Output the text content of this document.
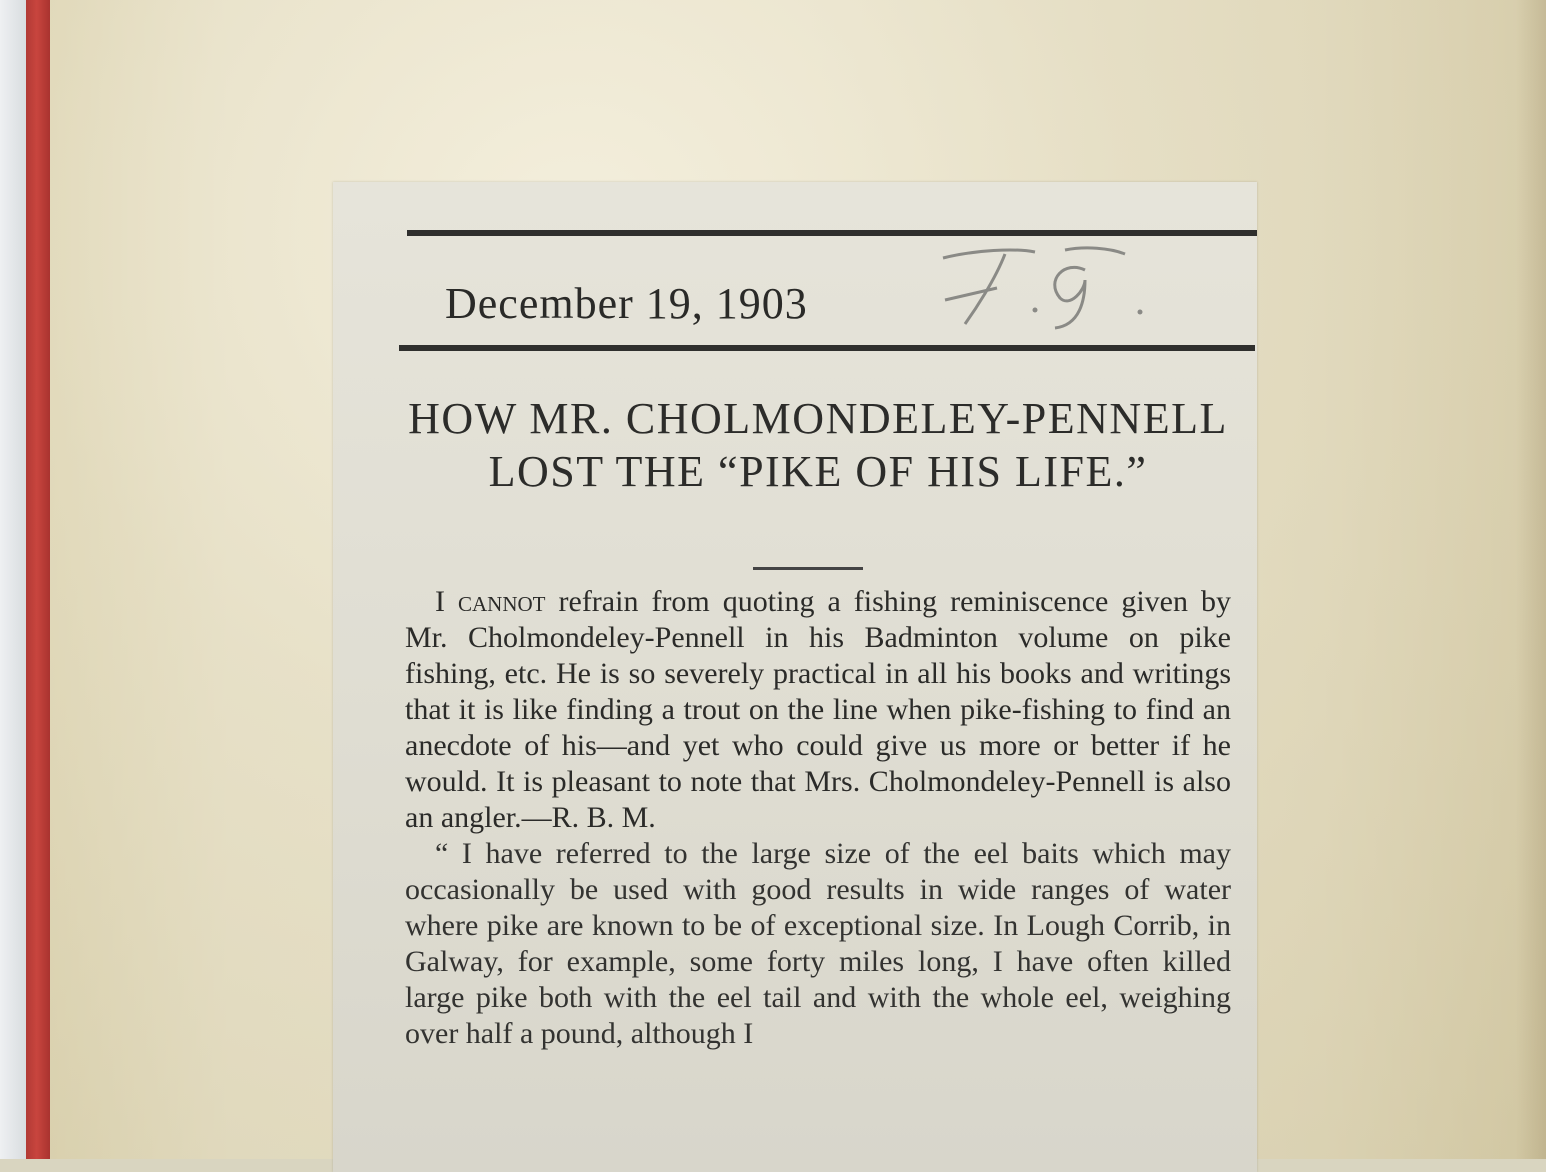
December 19, 1903
HOW MR. CHOLMONDELEY-PENNELL LOST THE “PIKE OF HIS LIFE.”

I cannot refrain from quoting a fishing reminiscence given by Mr. Cholmondeley-Pennell in his Badminton volume on pike fishing, etc. He is so severely practical in all his books and writings that it is like finding a trout on the line when pike-fishing to find an anecdote of his—and yet who could give us more or better if he would. It is pleasant to note that Mrs. Cholmondeley-Pennell is also an angler.—R. B. M.

“ I have referred to the large size of the eel baits which may occasionally be used with good results in wide ranges of water where pike are known to be of exceptional size. In Lough Corrib, in Galway, for example, some forty miles long, I have often killed large pike both with the eel tail and with the whole eel, weighing over half a pound, although I
